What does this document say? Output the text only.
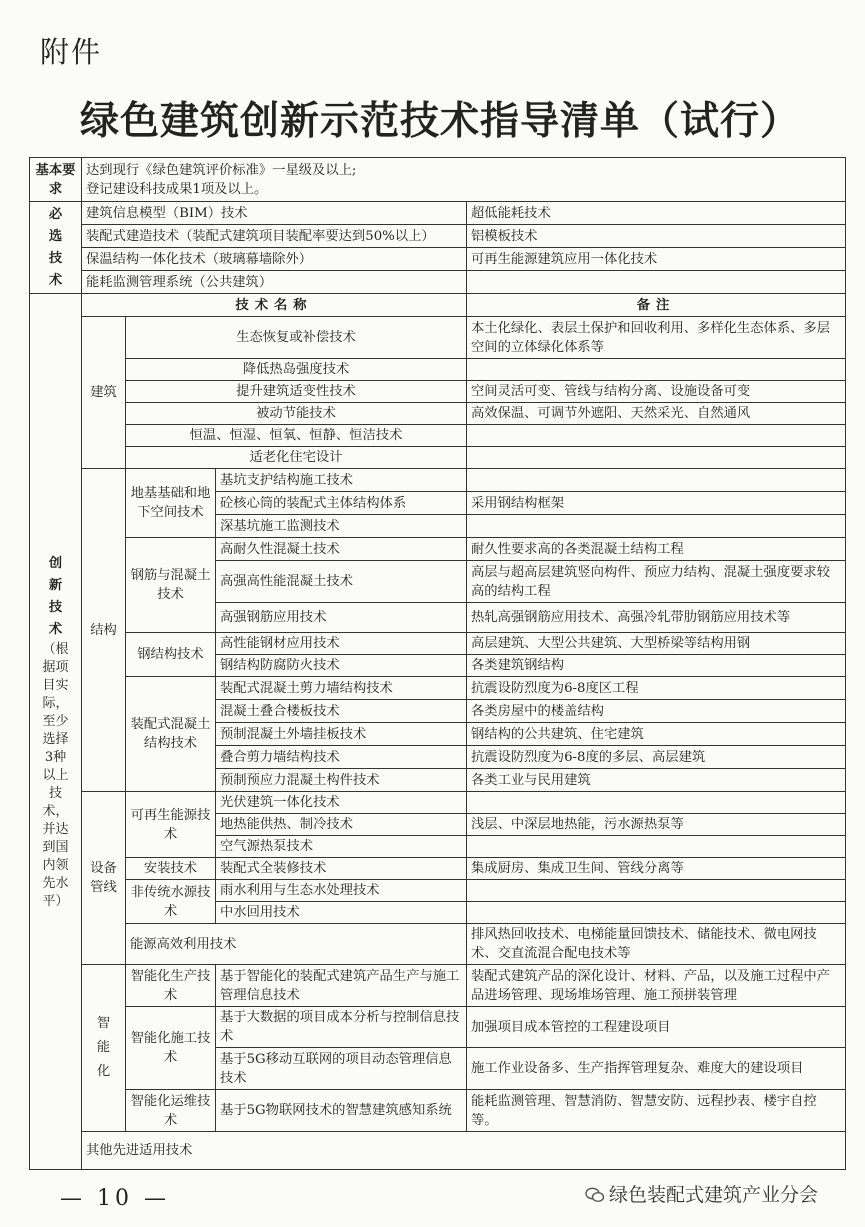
附件
绿色建筑创新示范技术指导清单（试行）
基本要求	达到现行《绿色建筑评价标准》一星级及以上;
登记建设科技成果1项及以上。			

必选技术	建筑信息模型（BIM）技术			超低能耗技术
	装配式建造技术（装配式建筑项目装配率要达到50%以上）			铝模板技术
	保温结构一体化技术（玻璃幕墙除外）			可再生能源建筑应用一体化技术
	能耗监测管理系统（公共建筑）			

创新技术
（根据项目实际，至少选择3种以上技术，并达到国内领先水平）	技术名称			备注
	建筑	生态恢复或补偿技术		本土化绿化、表层土保护和回收利用、多样化生态体系、多层空间的立体绿化体系等
		降低热岛强度技术		
		提升建筑适变性技术		空间灵活可变、管线与结构分离、设施设备可变
		被动节能技术		高效保温、可调节外遮阳、天然采光、自然通风
		恒温、恒湿、恒氧、恒静、恒洁技术		
		适老化住宅设计		
	结构	地基基础和地下空间技术	基坑支护结构施工技术	
			砼核心筒的装配式主体结构体系	采用钢结构框架
			深基坑施工监测技术	
		钢筋与混凝土技术	高耐久性混凝土技术	耐久性要求高的各类混凝土结构工程
			高强高性能混凝土技术	高层与超高层建筑竖向构件、预应力结构、混凝土强度要求较高的结构工程
			高强钢筋应用技术	热轧高强钢筋应用技术、高强冷轧带肋钢筋应用技术等
		钢结构技术	高性能钢材应用技术	高层建筑、大型公共建筑、大型桥梁等结构用钢
			钢结构防腐防火技术	各类建筑钢结构
		装配式混凝土结构技术	装配式混凝土剪力墙结构技术	抗震设防烈度为6-8度区工程
			混凝土叠合楼板技术	各类房屋中的楼盖结构
			预制混凝土外墙挂板技术	钢结构的公共建筑、住宅建筑
			叠合剪力墙结构技术	抗震设防烈度为6-8度的多层、高层建筑
			预制预应力混凝土构件技术	各类工业与民用建筑

	设备管线	可再生能源技术	光伏建筑一体化技术	
			地热能供热、制冷技术	浅层、中深层地热能，污水源热泵等
			空气源热泵技术	
		安装技术	装配式全装修技术	集成厨房、集成卫生间、管线分离等
		非传统水源技术	雨水利用与生态水处理技术	
			中水回用技术	
		能源高效利用技术		排风热回收技术、电梯能量回馈技术、储能技术、微电网技术、交直流混合配电技术等

	智能化	智能化生产技术	基于智能化的装配式建筑产品生产与施工管理信息技术	装配式建筑产品的深化设计、材料、产品，以及施工过程中产品进场管理、现场堆场管理、施工预拼装管理
		智能化施工技术	基于大数据的项目成本分析与控制信息技术	加强项目成本管控的工程建设项目
			基于5G移动互联网的项目动态管理信息技术	施工作业设备多、生产指挥管理复杂、难度大的建设项目
		智能化运维技术	基于5G物联网技术的智慧建筑感知系统	能耗监测管理、智慧消防、智慧安防、远程抄表、楼宇自控等。
	其他先进适用技术			
— 10 —	绿色装配式建筑产业分会
